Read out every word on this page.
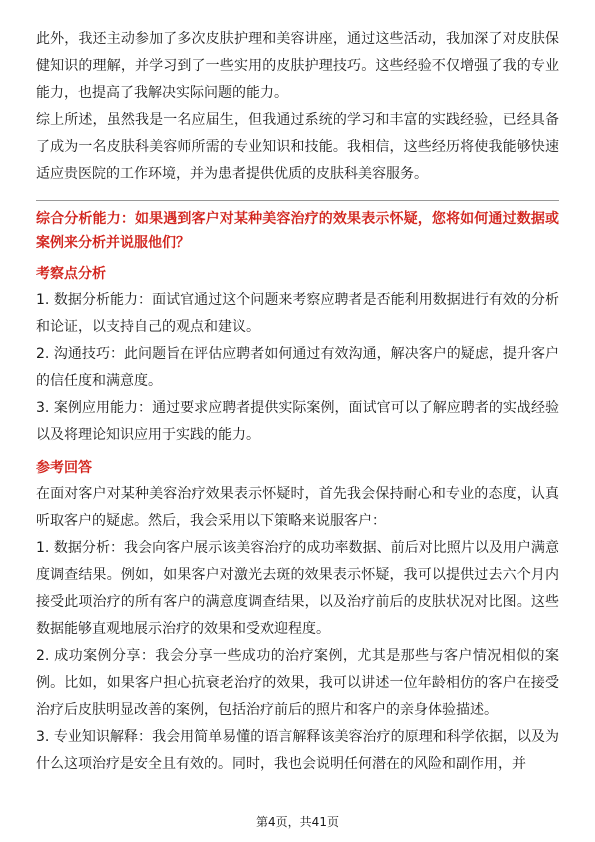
此外，我还主动参加了多次皮肤护理和美容讲座，通过这些活动，我加深了对皮肤保健知识的理解，并学习到了一些实用的皮肤护理技巧。这些经验不仅增强了我的专业能力，也提高了我解决实际问题的能力。

综上所述，虽然我是一名应届生，但我通过系统的学习和丰富的实践经验，已经具备了成为一名皮肤科美容师所需的专业知识和技能。我相信，这些经历将使我能够快速适应贵医院的工作环境，并为患者提供优质的皮肤科美容服务。

综合分析能力：如果遇到客户对某种美容治疗的效果表示怀疑，您将如何通过数据或案例来分析并说服他们？

考察点分析

1. 数据分析能力：面试官通过这个问题来考察应聘者是否能利用数据进行有效的分析和论证，以支持自己的观点和建议。

2. 沟通技巧：此问题旨在评估应聘者如何通过有效沟通，解决客户的疑虑，提升客户的信任度和满意度。

3. 案例应用能力：通过要求应聘者提供实际案例，面试官可以了解应聘者的实战经验以及将理论知识应用于实践的能力。

参考回答

在面对客户对某种美容治疗效果表示怀疑时，首先我会保持耐心和专业的态度，认真听取客户的疑虑。然后，我会采用以下策略来说服客户：

1. 数据分析：我会向客户展示该美容治疗的成功率数据、前后对比照片以及用户满意度调查结果。例如，如果客户对激光去斑的效果表示怀疑，我可以提供过去六个月内接受此项治疗的所有客户的满意度调查结果，以及治疗前后的皮肤状况对比图。这些数据能够直观地展示治疗的效果和受欢迎程度。

2. 成功案例分享：我会分享一些成功的治疗案例，尤其是那些与客户情况相似的案例。比如，如果客户担心抗衰老治疗的效果，我可以讲述一位年龄相仿的客户在接受治疗后皮肤明显改善的案例，包括治疗前后的照片和客户的亲身体验描述。

3. 专业知识解释：我会用简单易懂的语言解释该美容治疗的原理和科学依据，以及为什么这项治疗是安全且有效的。同时，我也会说明任何潜在的风险和副作用，并

第4页，共41页
